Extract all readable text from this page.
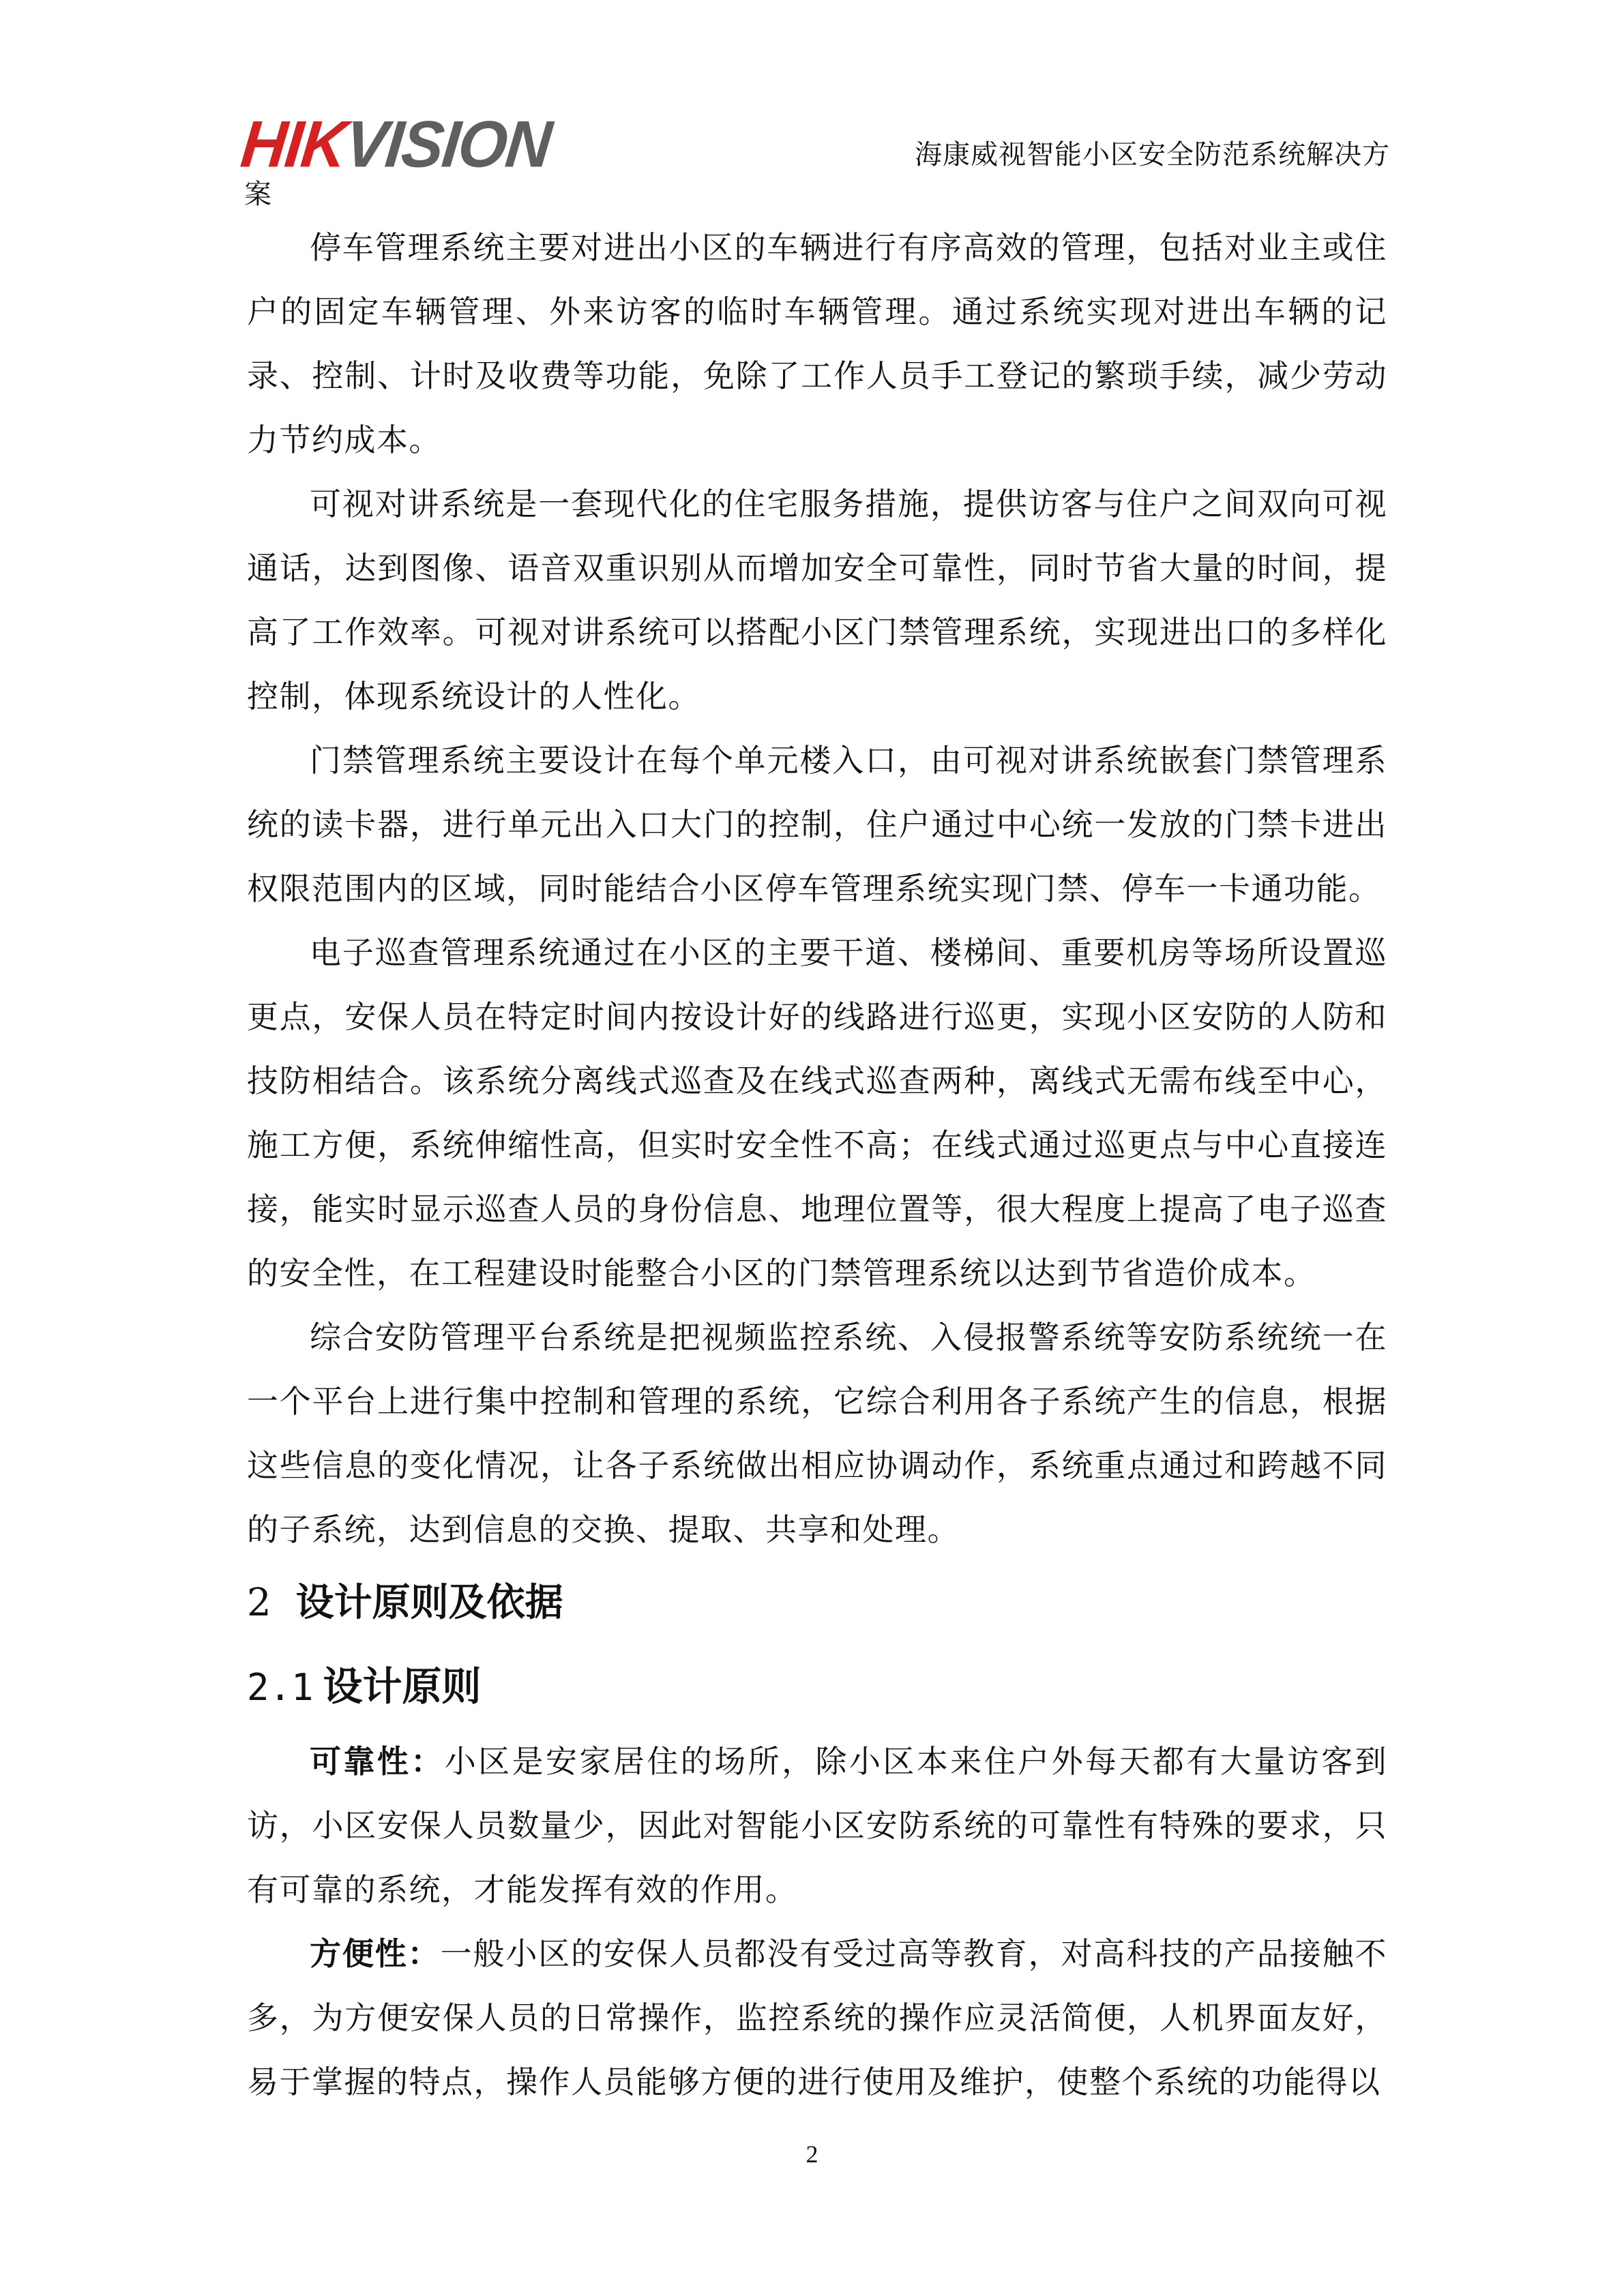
HIKVISION	海康威视智能小区安全防范系统解决方
案

停车管理系统主要对进出小区的车辆进行有序高效的管理，包括对业主或住户的固定车辆管理、外来访客的临时车辆管理。通过系统实现对进出车辆的记录、控制、计时及收费等功能，免除了工作人员手工登记的繁琐手续，减少劳动力节约成本。

可视对讲系统是一套现代化的住宅服务措施，提供访客与住户之间双向可视通话，达到图像、语音双重识别从而增加安全可靠性，同时节省大量的时间，提高了工作效率。可视对讲系统可以搭配小区门禁管理系统，实现进出口的多样化控制，体现系统设计的人性化。

门禁管理系统主要设计在每个单元楼入口，由可视对讲系统嵌套门禁管理系统的读卡器，进行单元出入口大门的控制，住户通过中心统一发放的门禁卡进出权限范围内的区域，同时能结合小区停车管理系统实现门禁、停车一卡通功能。

电子巡查管理系统通过在小区的主要干道、楼梯间、重要机房等场所设置巡更点，安保人员在特定时间内按设计好的线路进行巡更，实现小区安防的人防和技防相结合。该系统分离线式巡查及在线式巡查两种，离线式无需布线至中心，施工方便，系统伸缩性高，但实时安全性不高；在线式通过巡更点与中心直接连接，能实时显示巡查人员的身份信息、地理位置等，很大程度上提高了电子巡查的安全性，在工程建设时能整合小区的门禁管理系统以达到节省造价成本。

综合安防管理平台系统是把视频监控系统、入侵报警系统等安防系统统一在一个平台上进行集中控制和管理的系统，它综合利用各子系统产生的信息，根据这些信息的变化情况，让各子系统做出相应协调动作，系统重点通过和跨越不同的子系统，达到信息的交换、提取、共享和处理。

2 设计原则及依据
2.1 设计原则

可靠性：小区是安家居住的场所，除小区本来住户外每天都有大量访客到访，小区安保人员数量少，因此对智能小区安防系统的可靠性有特殊的要求，只有可靠的系统，才能发挥有效的作用。

方便性：一般小区的安保人员都没有受过高等教育，对高科技的产品接触不多，为方便安保人员的日常操作，监控系统的操作应灵活简便，人机界面友好，易于掌握的特点，操作人员能够方便的进行使用及维护，使整个系统的功能得以

2
